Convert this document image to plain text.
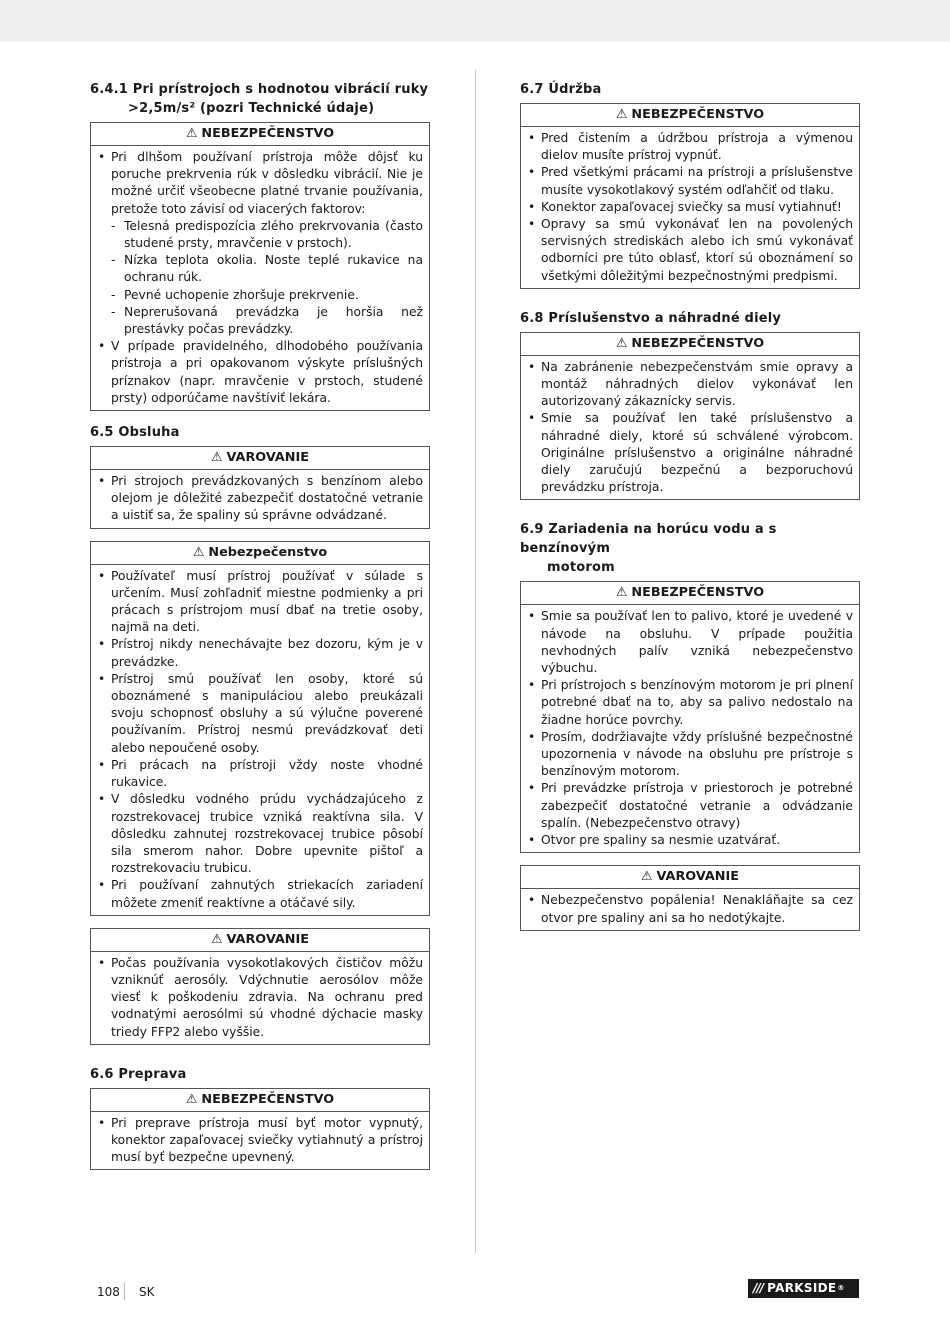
6.4.1 Pri prístrojoch s hodnotou vibrácií ruky
>2,5m/s² (pozri Technické údaje)
⚠ NEBEZPEČENSTVO
• Pri dlhšom používaní prístroja môže dôjsť ku poruche prekrvenia rúk v dôsledku vibrácií. Nie je možné určiť všeobecne platné trvanie používania, pretože toto závisí od viacerých faktorov:
- Telesná predispozícia zlého prekrvovania (často studené prsty, mravčenie v prstoch).
- Nízka teplota okolia. Noste teplé rukavice na ochranu rúk.
- Pevné uchopenie zhoršuje prekrvenie.
- Neprerušovaná prevádzka je horšia než prestávky počas prevádzky.
• V prípade pravidelného, dlhodobého používania prístroja a pri opakovanom výskyte príslušných príznakov (napr. mravčenie v prstoch, studené prsty) odporúčame navštíviť lekára.
6.5 Obsluha
⚠ VAROVANIE
• Pri strojoch prevádzkovaných s benzínom alebo olejom je dôležité zabezpečiť dostatočné vetranie a uistiť sa, že spaliny sú správne odvádzané.
⚠ Nebezpečenstvo
• Používateľ musí prístroj používať v súlade s určením. Musí zohľadniť miestne podmienky a pri prácach s prístrojom musí dbať na tretie osoby, najmä na deti.
• Prístroj nikdy nenechávajte bez dozoru, kým je v prevádzke.
• Prístroj smú používať len osoby, ktoré sú oboznámené s manipuláciou alebo preukázali svoju schopnosť obsluhy a sú výlučne poverené používaním. Prístroj nesmú prevádzkovať deti alebo nepoučené osoby.
• Pri prácach na prístroji vždy noste vhodné rukavice.
• V dôsledku vodného prúdu vychádzajúceho z rozstrekovacej trubice vzniká reaktívna sila. V dôsledku zahnutej rozstrekovacej trubice pôsobí sila smerom nahor. Dobre upevnite pištoľ a rozstrekovaciu trubicu.
• Pri používaní zahnutých striekacích zariadení môžete zmeniť reaktívne a otáčavé sily.
⚠ VAROVANIE
• Počas používania vysokotlakových čističov môžu vzniknúť aerosóly. Vdýchnutie aerosólov môže viesť k poškodeniu zdravia. Na ochranu pred vodnatými aerosólmi sú vhodné dýchacie masky triedy FFP2 alebo vyššie.
6.6 Preprava
⚠ NEBEZPEČENSTVO
• Pri preprave prístroja musí byť motor vypnutý, konektor zapaľovacej sviečky vytiahnutý a prístroj musí byť bezpečne upevnený.
6.7 Údržba
⚠ NEBEZPEČENSTVO
• Pred čistením a údržbou prístroja a výmenou dielov musíte prístroj vypnúť.
• Pred všetkými prácami na prístroji a príslušenstve musíte vysokotlakový systém odľahčiť od tlaku.
• Konektor zapaľovacej sviečky sa musí vytiahnuť!
• Opravy sa smú vykonávať len na povolených servisných strediskách alebo ich smú vykonávať odborníci pre túto oblasť, ktorí sú oboznámení so všetkými dôležitými bezpečnostnými predpismi.
6.8 Príslušenstvo a náhradné diely
⚠ NEBEZPEČENSTVO
• Na zabránenie nebezpečenstvám smie opravy a montáž náhradných dielov vykonávať len autorizovaný zákaznícky servis.
• Smie sa používať len také príslušenstvo a náhradné diely, ktoré sú schválené výrobcom. Originálne príslušenstvo a originálne náhradné diely zaručujú bezpečnú a bezporuchovú prevádzku prístroja.
6.9 Zariadenia na horúcu vodu a s benzínovým
motorom
⚠ NEBEZPEČENSTVO
• Smie sa používať len to palivo, ktoré je uvedené v návode na obsluhu. V prípade použitia nevhodných palív vzniká nebezpečenstvo výbuchu.
• Pri prístrojoch s benzínovým motorom je pri plnení potrebné dbať na to, aby sa palivo nedostalo na žiadne horúce povrchy.
• Prosím, dodržiavajte vždy príslušné bezpečnostné upozornenia v návode na obsluhu pre prístroje s benzínovým motorom.
• Pri prevádzke prístroja v priestoroch je potrebné zabezpečiť dostatočné vetranie a odvádzanie spalín. (Nebezpečenstvo otravy)
• Otvor pre spaliny sa nesmie uzatvárať.
⚠ VAROVANIE
• Nebezpečenstvo popálenia! Nenakláňajte sa cez otvor pre spaliny ani sa ho nedotýkajte.
108 SK	/// PARKSIDE ®
